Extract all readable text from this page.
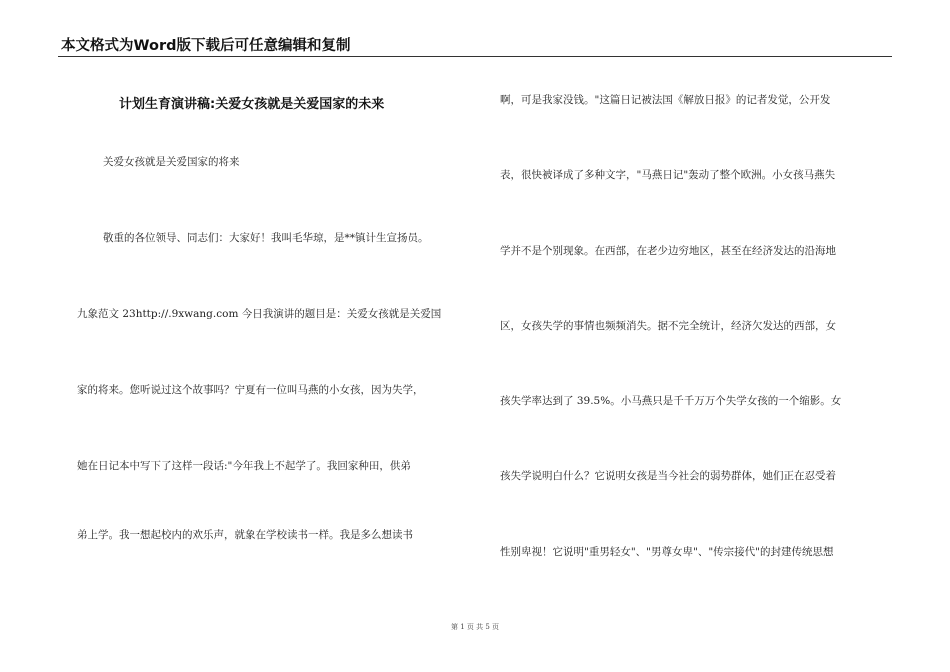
本文格式为Word版下载后可任意编辑和复制
计划生育演讲稿:关爱女孩就是关爱国家的未来
关爱女孩就是关爱国家的将来
敬重的各位领导、同志们：大家好！我叫毛华琼，是**镇计生宣扬员。
九象范文 23http://.9xwang.com 今日我演讲的题目是：关爱女孩就是关爱国
家的将来。您听说过这个故事吗？宁夏有一位叫马燕的小女孩，因为失学，
她在日记本中写下了这样一段话:"今年我上不起学了。我回家种田，供弟
弟上学。我一想起校内的欢乐声，就象在学校读书一样。我是多么想读书
啊，可是我家没钱。"这篇日记被法国《解放日报》的记者发觉，公开发
表，很快被译成了多种文字，"马燕日记"轰动了整个欧洲。小女孩马燕失
学并不是个别现象。在西部，在老少边穷地区，甚至在经济发达的沿海地
区，女孩失学的事情也频频消失。据不完全统计，经济欠发达的西部，女
孩失学率达到了 39.5%。小马燕只是千千万万个失学女孩的一个缩影。女
孩失学说明白什么？它说明女孩是当今社会的弱势群体，她们正在忍受着
性别卑视！它说明"重男轻女"、"男尊女卑"、"传宗接代"的封建传统思想
第 1 页 共 5 页
